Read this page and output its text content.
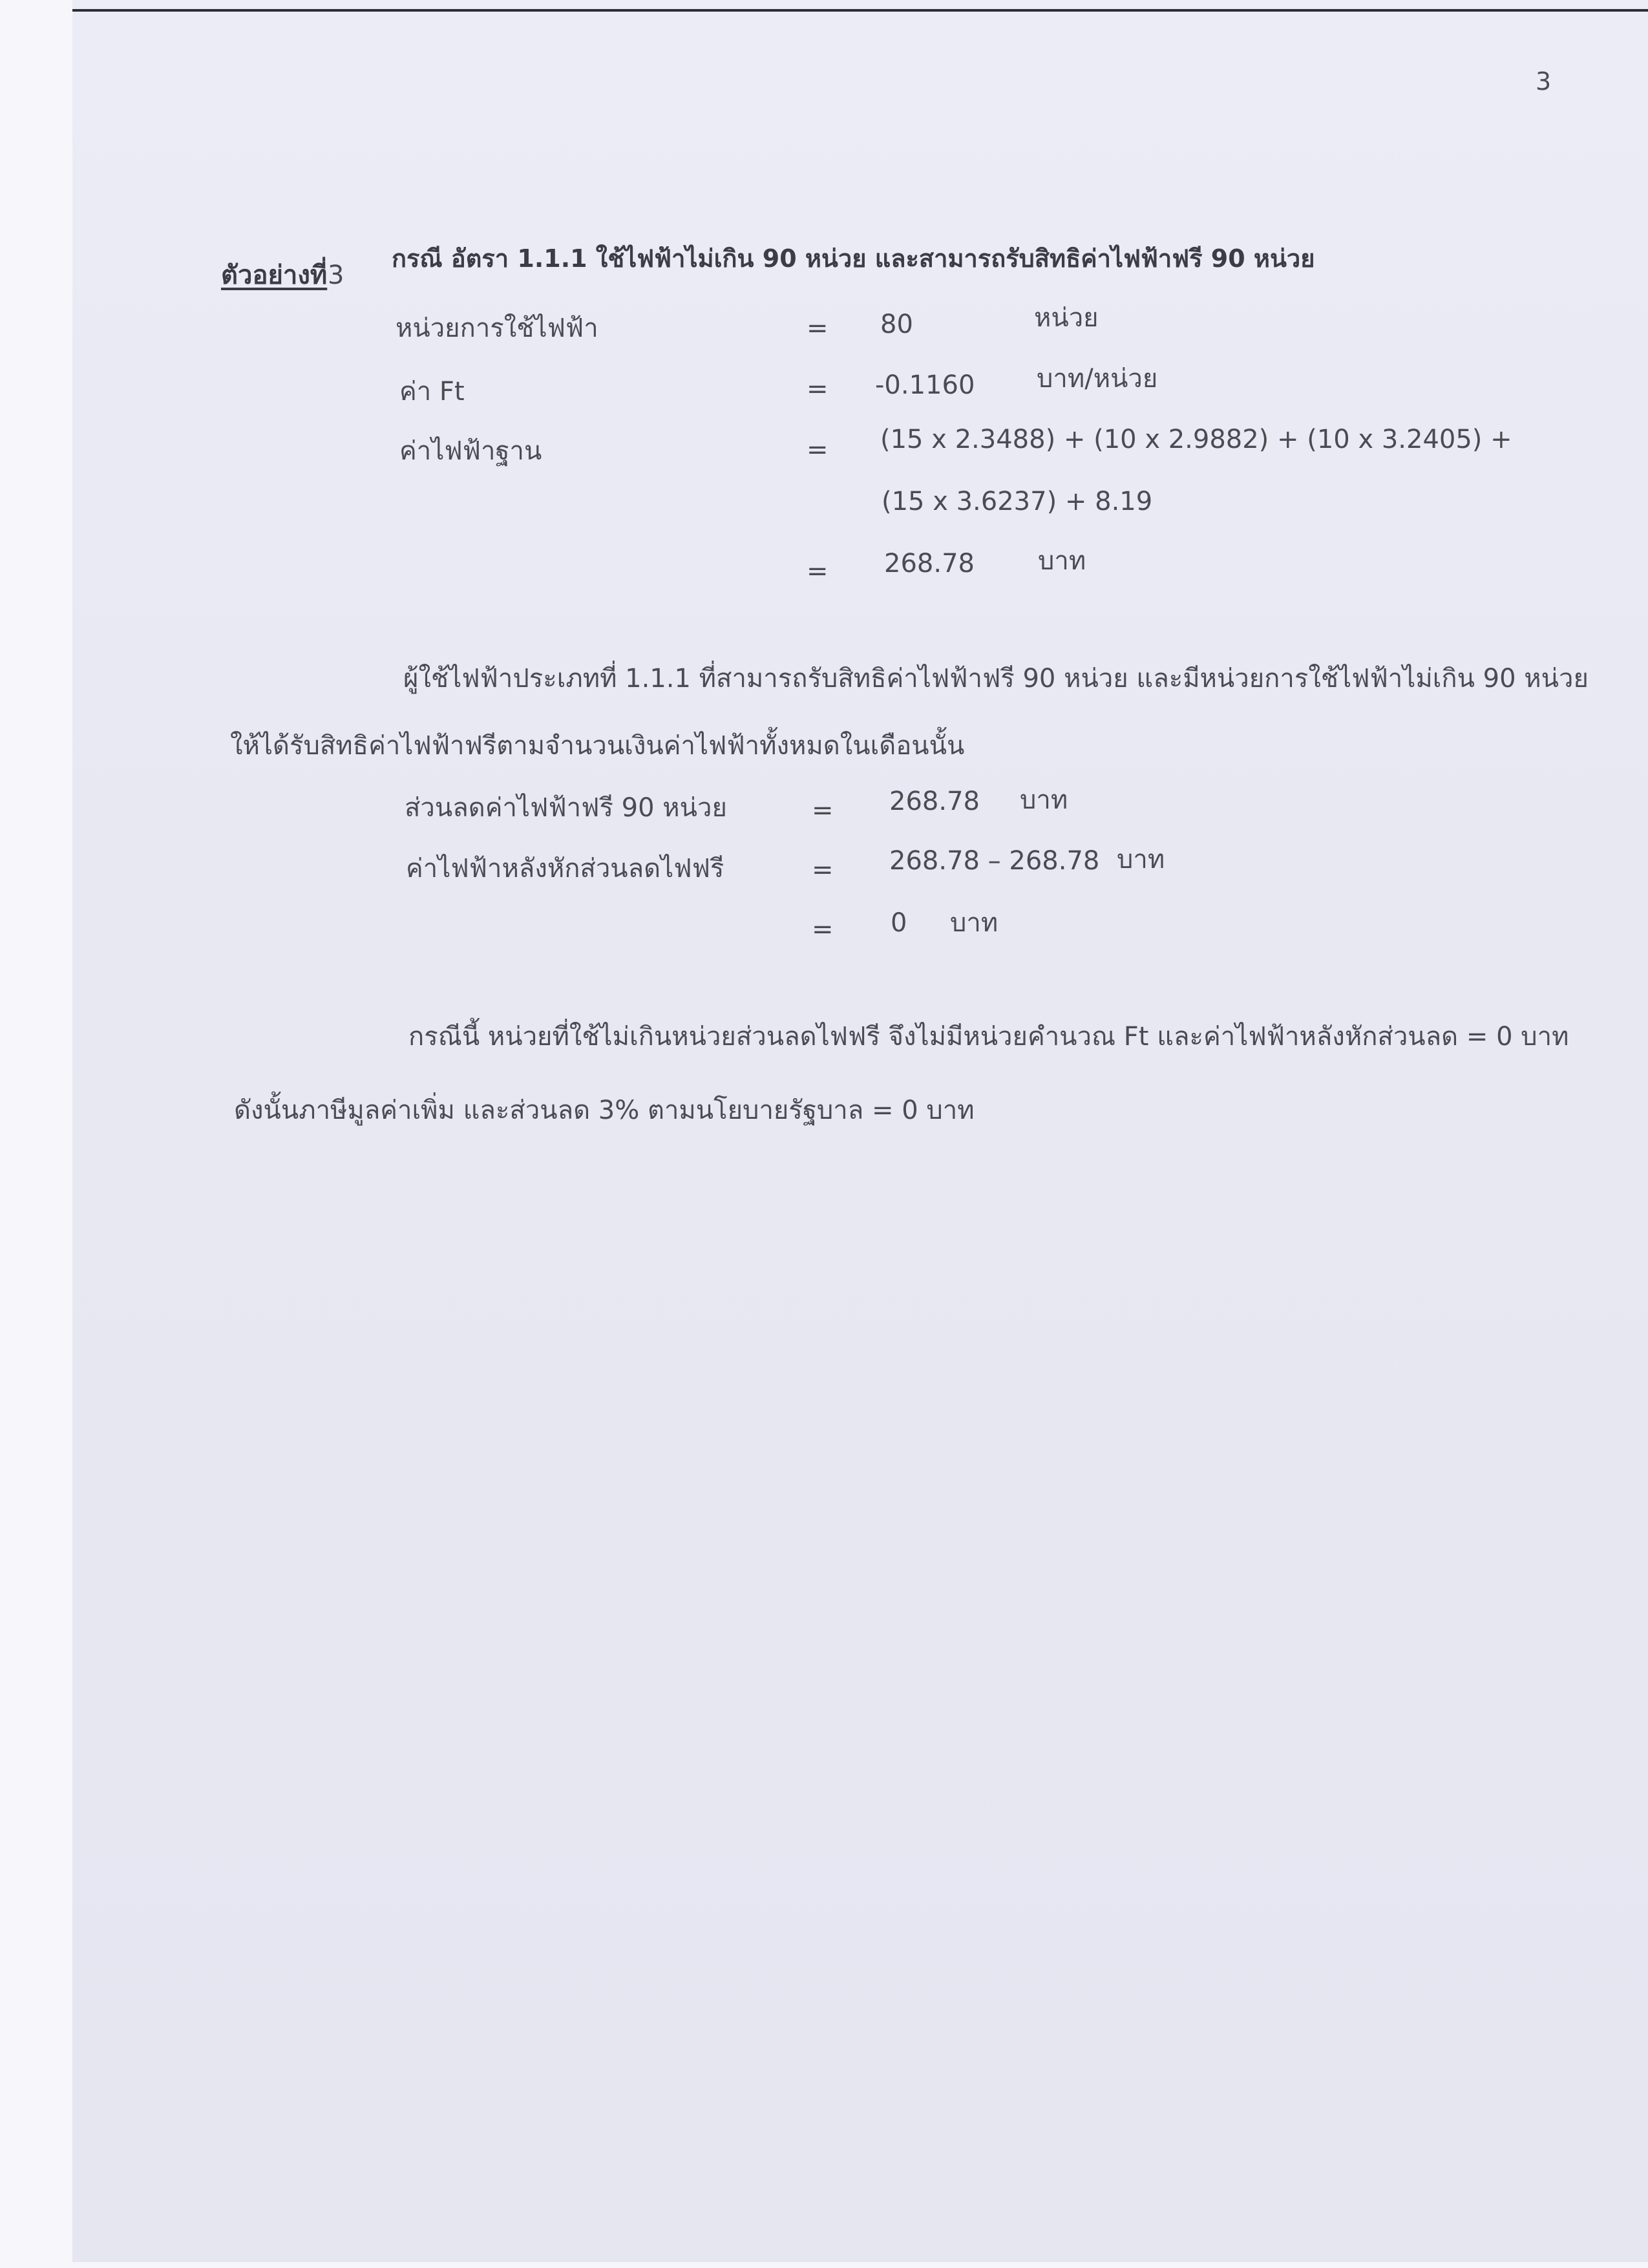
3
ตัวอย่างที่ 3
กรณี อัตรา 1.1.1 ใช้ไฟฟ้าไม่เกิน 90 หน่วย และสามารถรับสิทธิค่าไฟฟ้าฟรี 90 หน่วย
หน่วยการใช้ไฟฟ้า	= 80	หน่วย
ค่า Ft	= -0.1160 บาท/หน่วย
ค่าไฟฟ้าฐาน	= (15 x 2.3488) + (10 x 2.9882) + (10 x 3.2405) +
(15 x 3.6237) + 8.19
= 268.78 บาท
ผู้ใช้ไฟฟ้าประเภทที่ 1.1.1 ที่สามารถรับสิทธิค่าไฟฟ้าฟรี 90 หน่วย และมีหน่วยการใช้ไฟฟ้าไม่เกิน 90 หน่วย
ให้ได้รับสิทธิค่าไฟฟ้าฟรีตามจำนวนเงินค่าไฟฟ้าทั้งหมดในเดือนนั้น
ส่วนลดค่าไฟฟ้าฟรี 90 หน่วย	= 268.78 บาท
ค่าไฟฟ้าหลังหักส่วนลดไฟฟรี	= 268.78 – 268.78 บาท
= 0 บาท
กรณีนี้ หน่วยที่ใช้ไม่เกินหน่วยส่วนลดไฟฟรี จึงไม่มีหน่วยคำนวณ Ft และค่าไฟฟ้าหลังหักส่วนลด = 0 บาท
ดังนั้นภาษีมูลค่าเพิ่ม และส่วนลด 3% ตามนโยบายรัฐบาล = 0 บาท
